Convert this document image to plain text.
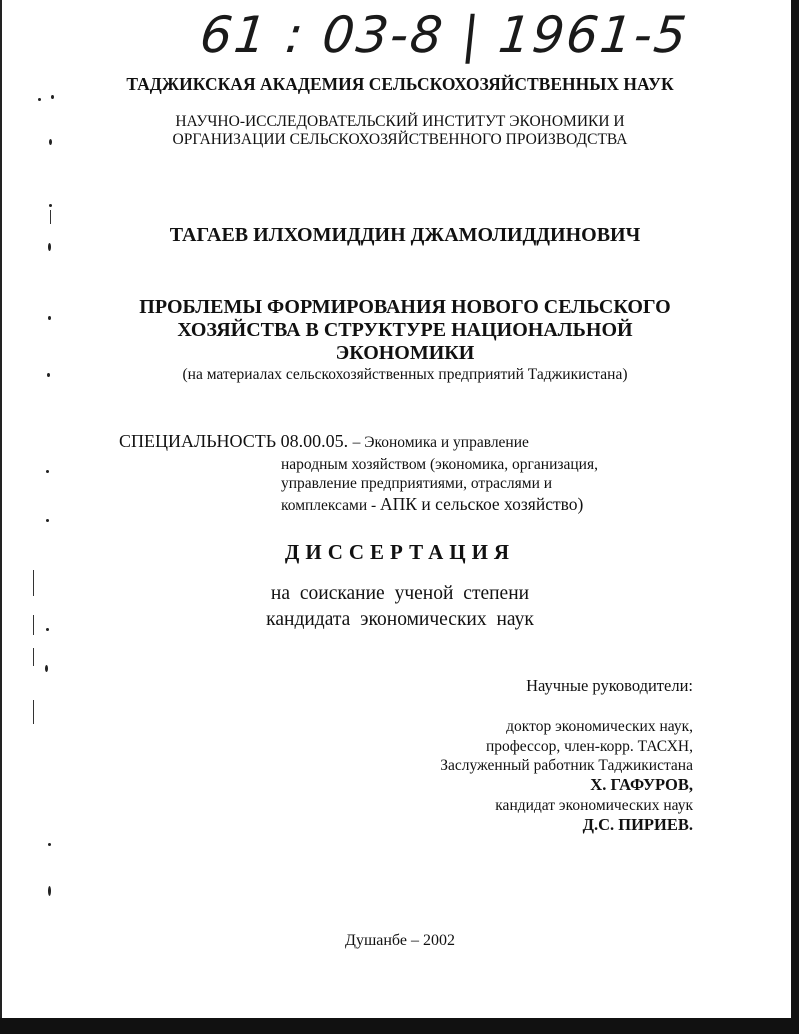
61 : 03-8 | 1961-5
ТАДЖИКСКАЯ АКАДЕМИЯ СЕЛЬСКОХОЗЯЙСТВЕННЫХ НАУК
НАУЧНО-ИССЛЕДОВАТЕЛЬСКИЙ ИНСТИТУТ ЭКОНОМИКИ И
ОРГАНИЗАЦИИ СЕЛЬСКОХОЗЯЙСТВЕННОГО ПРОИЗВОДСТВА
ТАГАЕВ ИЛХОМИДДИН ДЖАМОЛИДДИНОВИЧ
ПРОБЛЕМЫ ФОРМИРОВАНИЯ НОВОГО СЕЛЬСКОГО
ХОЗЯЙСТВА В СТРУКТУРЕ НАЦИОНАЛЬНОЙ
ЭКОНОМИКИ
(на материалах сельскохозяйственных предприятий Таджикистана)
СПЕЦИАЛЬНОСТЬ 08.00.05. – Экономика и управление
народным хозяйством (экономика, организация,
управление предприятиями, отраслями и
комплексами - АПК и сельское хозяйство)
ДИССЕРТАЦИЯ
на соискание ученой степени
кандидата экономических наук
Научные руководители:
доктор экономических наук,
профессор, член-корр. ТАСХН,
Заслуженный работник Таджикистана
Х. ГАФУРОВ,
кандидат экономических наук
Д.С. ПИРИЕВ.
Душанбе – 2002
